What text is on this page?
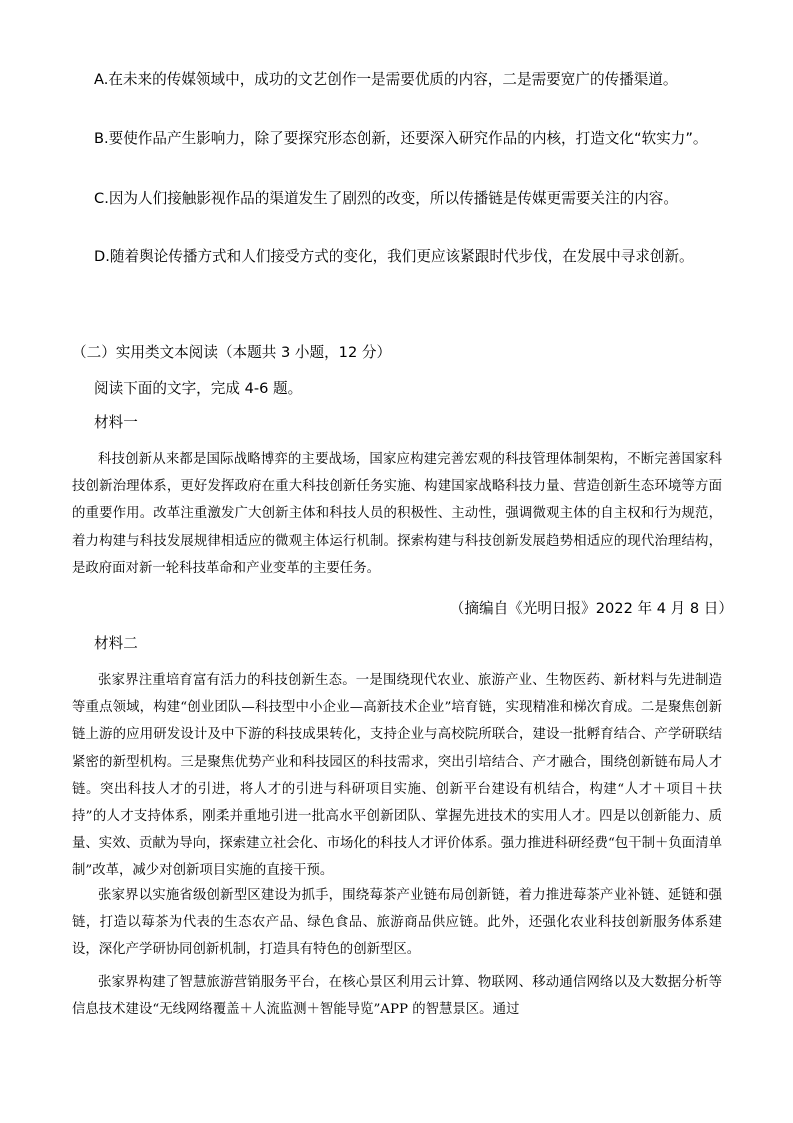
A.在未来的传媒领域中，成功的文艺创作一是需要优质的内容，二是需要宽广的传播渠道。

B.要使作品产生影响力，除了要探究形态创新，还要深入研究作品的内核，打造文化“软实力”。

C.因为人们接触影视作品的渠道发生了剧烈的改变，所以传播链是传媒更需要关注的内容。

D.随着舆论传播方式和人们接受方式的变化，我们更应该紧跟时代步伐，在发展中寻求创新。

（二）实用类文本阅读（本题共 3 小题，12 分）

阅读下面的文字，完成 4-6 题。

材料一

科技创新从来都是国际战略博弈的主要战场，国家应构建完善宏观的科技管理体制架构，不断完善国家科技创新治理体系，更好发挥政府在重大科技创新任务实施、构建国家战略科技力量、营造创新生态环境等方面的重要作用。改革注重激发广大创新主体和科技人员的积极性、主动性，强调微观主体的自主权和行为规范，着力构建与科技发展规律相适应的微观主体运行机制。探索构建与科技创新发展趋势相适应的现代治理结构，是政府面对新一轮科技革命和产业变革的主要任务。

（摘编自《光明日报》2022 年 4 月 8 日）

材料二

张家界注重培育富有活力的科技创新生态。一是围绕现代农业、旅游产业、生物医药、新材料与先进制造等重点领域，构建“创业团队—科技型中小企业—高新技术企业”培育链，实现精准和梯次育成。二是聚焦创新链上游的应用研发设计及中下游的科技成果转化，支持企业与高校院所联合，建设一批孵育结合、产学研联结紧密的新型机构。三是聚焦优势产业和科技园区的科技需求，突出引培结合、产才融合，围绕创新链布局人才链。突出科技人才的引进，将人才的引进与科研项目实施、创新平台建设有机结合，构建“人才＋项目＋扶持”的人才支持体系，刚柔并重地引进一批高水平创新团队、掌握先进技术的实用人才。四是以创新能力、质量、实效、贡献为导向，探索建立社会化、市场化的科技人才评价体系。强力推进科研经费“包干制＋负面清单制”改革，减少对创新项目实施的直接干预。

张家界以实施省级创新型区建设为抓手，围绕莓茶产业链布局创新链，着力推进莓茶产业补链、延链和强链，打造以莓茶为代表的生态农产品、绿色食品、旅游商品供应链。此外，还强化农业科技创新服务体系建设，深化产学研协同创新机制，打造具有特色的创新型区。

张家界构建了智慧旅游营销服务平台，在核心景区利用云计算、物联网、移动通信网络以及大数据分析等信息技术建设“无线网络覆盖＋人流监测＋智能导览”APP 的智慧景区。通过
